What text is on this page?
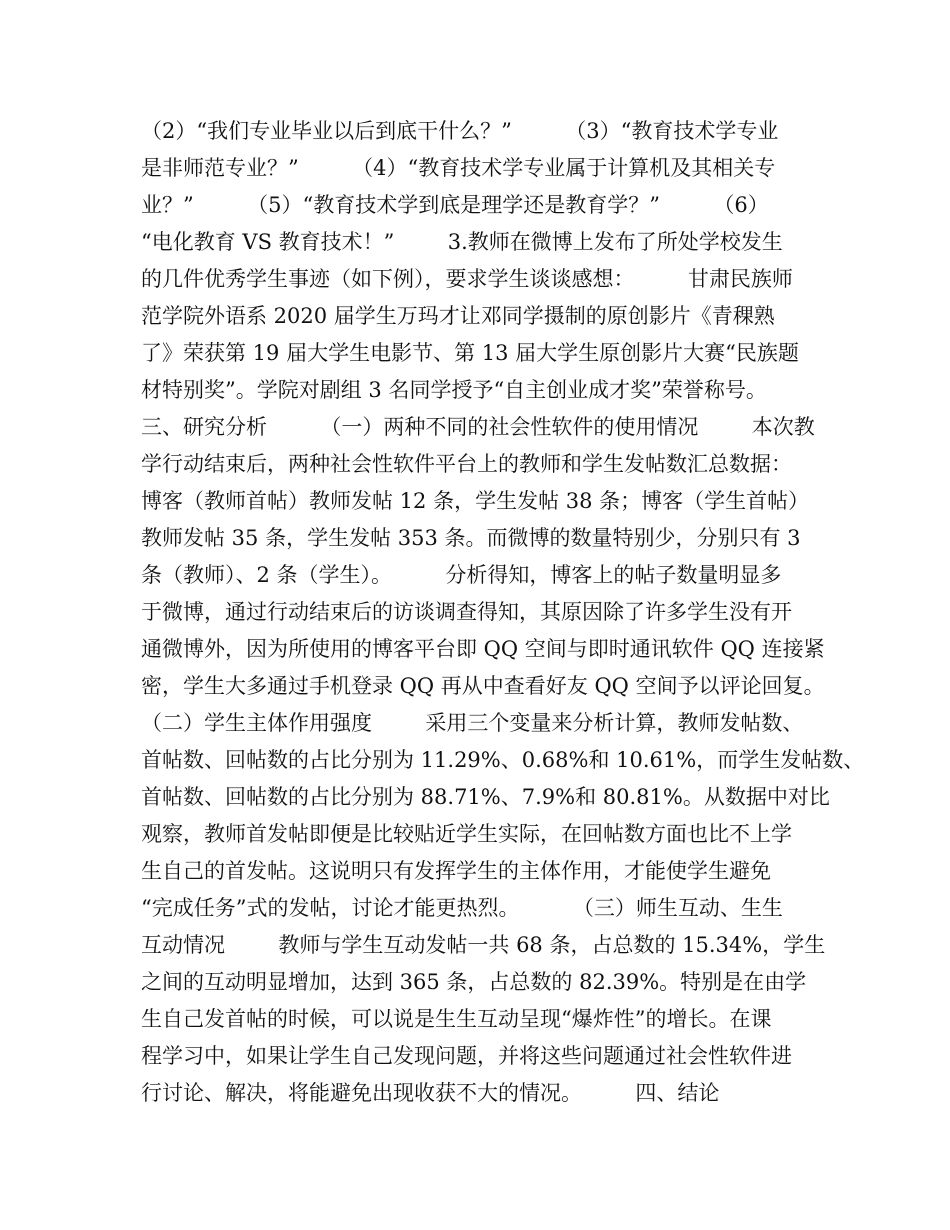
（2）“我们专业毕业以后到底干什么？”        （3）“教育技术学专业
是非师范专业？”        （4）“教育技术学专业属于计算机及其相关专
业？”        （5）“教育技术学到底是理学还是教育学？”        （6）
“电化教育 VS 教育技术！”        3.教师在微博上发布了所处学校发生
的几件优秀学生事迹（如下例），要求学生谈谈感想：        甘肃民族师
范学院外语系 2020 届学生万玛才让邓同学摄制的原创影片《青稞熟
了》荣获第 19 届大学生电影节、第 13 届大学生原创影片大赛“民族题
材特别奖”。学院对剧组 3 名同学授予“自主创业成才奖”荣誉称号。
三、研究分析        （一）两种不同的社会性软件的使用情况        本次教
学行动结束后，两种社会性软件平台上的教师和学生发帖数汇总数据：
博客（教师首帖）教师发帖 12 条，学生发帖 38 条；博客（学生首帖）
教师发帖 35 条，学生发帖 353 条。而微博的数量特别少，分别只有 3
条（教师）、2 条（学生）。        分析得知，博客上的帖子数量明显多
于微博，通过行动结束后的访谈调查得知，其原因除了许多学生没有开
通微博外，因为所使用的博客平台即 QQ 空间与即时通讯软件 QQ 连接紧
密，学生大多通过手机登录 QQ 再从中查看好友 QQ 空间予以评论回复。
（二）学生主体作用强度        采用三个变量来分析计算，教师发帖数、
首帖数、回帖数的占比分别为 11.29%、0.68%和 10.61%，而学生发帖数、
首帖数、回帖数的占比分别为 88.71%、7.9%和 80.81%。从数据中对比
观察，教师首发帖即便是比较贴近学生实际，在回帖数方面也比不上学
生自己的首发帖。这说明只有发挥学生的主体作用，才能使学生避免
“完成任务”式的发帖，讨论才能更热烈。        （三）师生互动、生生
互动情况        教师与学生互动发帖一共 68 条，占总数的 15.34%，学生
之间的互动明显增加，达到 365 条，占总数的 82.39%。特别是在由学
生自己发首帖的时候，可以说是生生互动呈现“爆炸性”的增长。在课
程学习中，如果让学生自己发现问题，并将这些问题通过社会性软件进
行讨论、解决，将能避免出现收获不大的情况。        四、结论
